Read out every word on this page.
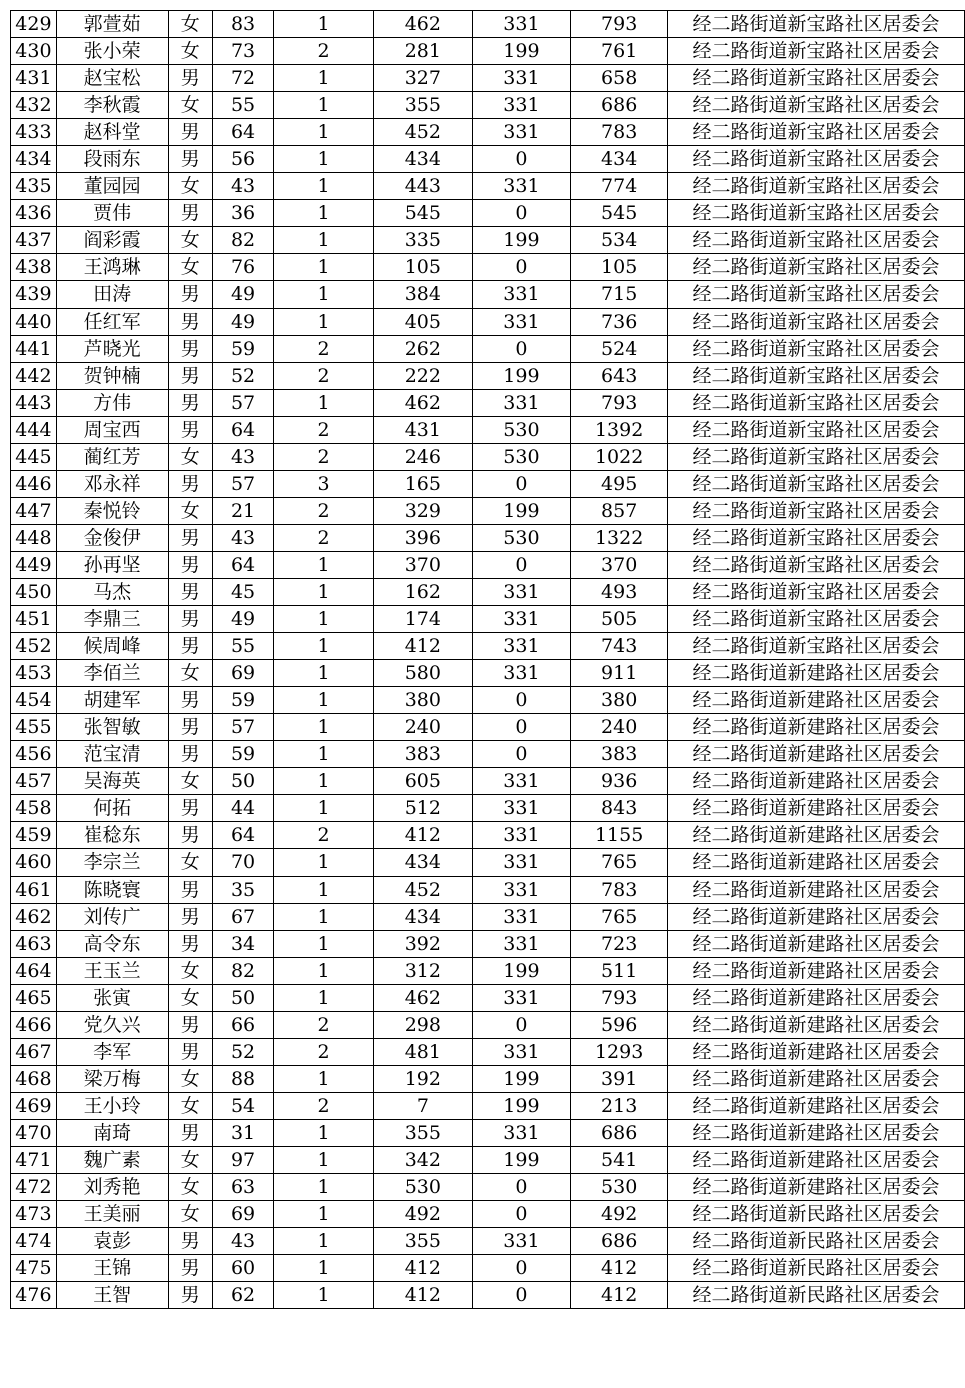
429	郭萱茹	女	83	1	462	331	793	经二路街道新宝路社区居委会
430	张小荣	女	73	2	281	199	761	经二路街道新宝路社区居委会
431	赵宝松	男	72	1	327	331	658	经二路街道新宝路社区居委会
432	李秋霞	女	55	1	355	331	686	经二路街道新宝路社区居委会
433	赵科堂	男	64	1	452	331	783	经二路街道新宝路社区居委会
434	段雨东	男	56	1	434	0	434	经二路街道新宝路社区居委会
435	董园园	女	43	1	443	331	774	经二路街道新宝路社区居委会
436	贾伟	男	36	1	545	0	545	经二路街道新宝路社区居委会
437	阎彩霞	女	82	1	335	199	534	经二路街道新宝路社区居委会
438	王鸿琳	女	76	1	105	0	105	经二路街道新宝路社区居委会
439	田涛	男	49	1	384	331	715	经二路街道新宝路社区居委会
440	任红军	男	49	1	405	331	736	经二路街道新宝路社区居委会
441	芦晓光	男	59	2	262	0	524	经二路街道新宝路社区居委会
442	贺钟楠	男	52	2	222	199	643	经二路街道新宝路社区居委会
443	方伟	男	57	1	462	331	793	经二路街道新宝路社区居委会
444	周宝西	男	64	2	431	530	1392	经二路街道新宝路社区居委会
445	蔺红芳	女	43	2	246	530	1022	经二路街道新宝路社区居委会
446	邓永祥	男	57	3	165	0	495	经二路街道新宝路社区居委会
447	秦悦铃	女	21	2	329	199	857	经二路街道新宝路社区居委会
448	金俊伊	男	43	2	396	530	1322	经二路街道新宝路社区居委会
449	孙再坚	男	64	1	370	0	370	经二路街道新宝路社区居委会
450	马杰	男	45	1	162	331	493	经二路街道新宝路社区居委会
451	李鼎三	男	49	1	174	331	505	经二路街道新宝路社区居委会
452	候周峰	男	55	1	412	331	743	经二路街道新宝路社区居委会
453	李佰兰	女	69	1	580	331	911	经二路街道新建路社区居委会
454	胡建军	男	59	1	380	0	380	经二路街道新建路社区居委会
455	张智敏	男	57	1	240	0	240	经二路街道新建路社区居委会
456	范宝清	男	59	1	383	0	383	经二路街道新建路社区居委会
457	吴海英	女	50	1	605	331	936	经二路街道新建路社区居委会
458	何拓	男	44	1	512	331	843	经二路街道新建路社区居委会
459	崔稔东	男	64	2	412	331	1155	经二路街道新建路社区居委会
460	李宗兰	女	70	1	434	331	765	经二路街道新建路社区居委会
461	陈晓寰	男	35	1	452	331	783	经二路街道新建路社区居委会
462	刘传广	男	67	1	434	331	765	经二路街道新建路社区居委会
463	高令东	男	34	1	392	331	723	经二路街道新建路社区居委会
464	王玉兰	女	82	1	312	199	511	经二路街道新建路社区居委会
465	张寅	女	50	1	462	331	793	经二路街道新建路社区居委会
466	党久兴	男	66	2	298	0	596	经二路街道新建路社区居委会
467	李军	男	52	2	481	331	1293	经二路街道新建路社区居委会
468	梁万梅	女	88	1	192	199	391	经二路街道新建路社区居委会
469	王小玲	女	54	2	7	199	213	经二路街道新建路社区居委会
470	南琦	男	31	1	355	331	686	经二路街道新建路社区居委会
471	魏广素	女	97	1	342	199	541	经二路街道新建路社区居委会
472	刘秀艳	女	63	1	530	0	530	经二路街道新建路社区居委会
473	王美丽	女	69	1	492	0	492	经二路街道新民路社区居委会
474	袁彭	男	43	1	355	331	686	经二路街道新民路社区居委会
475	王锦	男	60	1	412	0	412	经二路街道新民路社区居委会
476	王智	男	62	1	412	0	412	经二路街道新民路社区居委会
